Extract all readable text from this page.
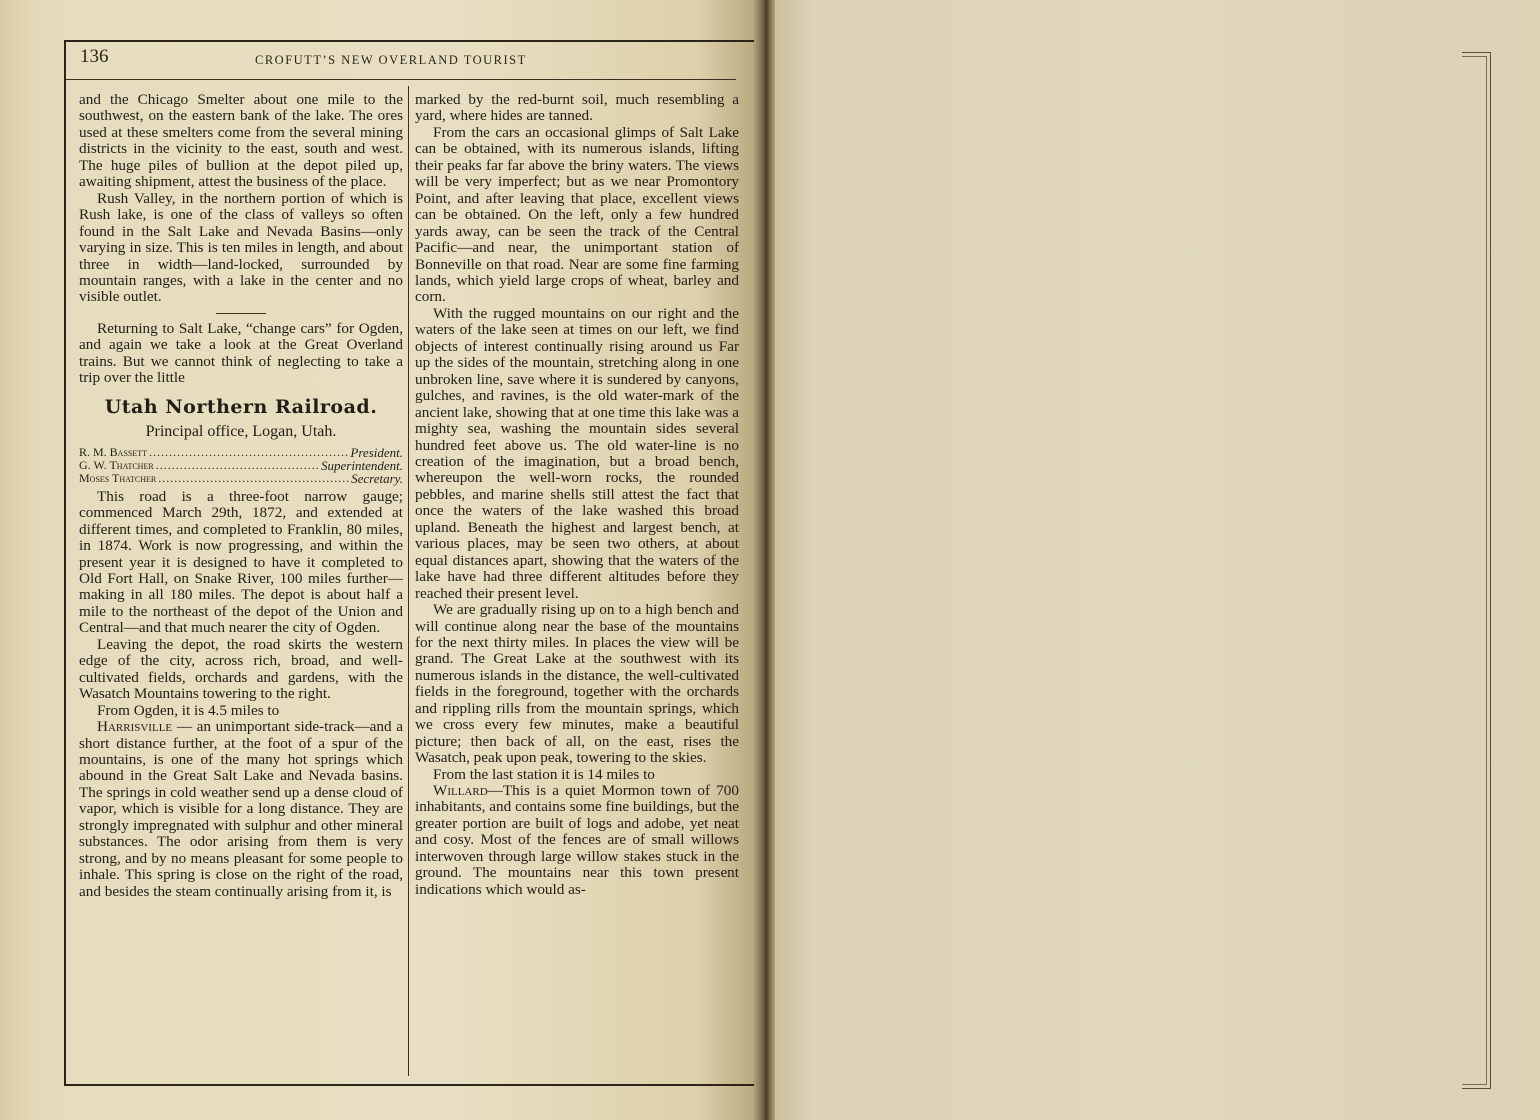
136	CROFUTT’S NEW OVERLAND TOURIST

and the Chicago Smelter about one mile to the southwest, on the eastern bank of the lake. The ores used at these smelters come from the several mining districts in the vicinity to the east, south and west. The huge piles of bullion at the depot piled up, awaiting shipment, attest the business of the place.

Rush Valley, in the northern portion of which is Rush lake, is one of the class of valleys so often found in the Salt Lake and Nevada Basins—only varying in size. This is ten miles in length, and about three in width—land-locked, surrounded by mountain ranges, with a lake in the center and no visible outlet.

Returning to Salt Lake, “change cars” for Ogden, and again we take a look at the Great Overland trains. But we cannot think of neglecting to take a trip over the little

Utah Northern Railroad.
Principal office, Logan, Utah.
R. M. Bassett .....	President.
G. W. Thatcher .....	Superintendent.
Moses Thatcher .....	Secretary.

This road is a three-foot narrow gauge; commenced March 29th, 1872, and extended at different times, and completed to Franklin, 80 miles, in 1874. Work is now progressing, and within the present year it is designed to have it completed to Old Fort Hall, on Snake River, 100 miles further—making in all 180 miles. The depot is about half a mile to the northeast of the depot of the Union and Central—and that much nearer the city of Ogden.

Leaving the depot, the road skirts the western edge of the city, across rich, broad, and well-cultivated fields, orchards and gardens, with the Wasatch Mountains towering to the right.

From Ogden, it is 4.5 miles to

Harrisville — an unimportant side-track—and a short distance further, at the foot of a spur of the mountains, is one of the many hot springs which abound in the Great Salt Lake and Nevada basins. The springs in cold weather send up a dense cloud of vapor, which is visible for a long distance. They are strongly impregnated with sulphur and other mineral substances. The odor arising from them is very strong, and by no means pleasant for some people to inhale. This spring is close on the right of the road, and besides the steam continually arising from it, is

marked by the red-burnt soil, much resembling a yard, where hides are tanned.

From the cars an occasional glimps of Salt Lake can be obtained, with its numerous islands, lifting their peaks far far above the briny waters. The views will be very imperfect; but as we near Promontory Point, and after leaving that place, excellent views can be obtained. On the left, only a few hundred yards away, can be seen the track of the Central Pacific—and near, the unimportant station of Bonneville on that road. Near are some fine farming lands, which yield large crops of wheat, barley and corn.

With the rugged mountains on our right and the waters of the lake seen at times on our left, we find objects of interest continually rising around us Far up the sides of the mountain, stretching along in one unbroken line, save where it is sundered by canyons, gulches, and ravines, is the old water-mark of the ancient lake, showing that at one time this lake was a mighty sea, washing the mountain sides several hundred feet above us. The old water-line is no creation of the imagination, but a broad bench, whereupon the well-worn rocks, the rounded pebbles, and marine shells still attest the fact that once the waters of the lake washed this broad upland. Beneath the highest and largest bench, at various places, may be seen two others, at about equal distances apart, showing that the waters of the lake have had three different altitudes before they reached their present level.

We are gradually rising up on to a high bench and will continue along near the base of the mountains for the next thirty miles. In places the view will be grand. The Great Lake at the southwest with its numerous islands in the distance, the well-cultivated fields in the foreground, together with the orchards and rippling rills from the mountain springs, which we cross every few minutes, make a beautiful picture; then back of all, on the east, rises the Wasatch, peak upon peak, towering to the skies.

From the last station it is 14 miles to

Willard—This is a quiet Mormon town of 700 inhabitants, and contains some fine buildings, but the greater portion are built of logs and adobe, yet neat and cosy. Most of the fences are of small willows interwoven through large willow stakes stuck in the ground. The mountains near this town present indications which would as-
